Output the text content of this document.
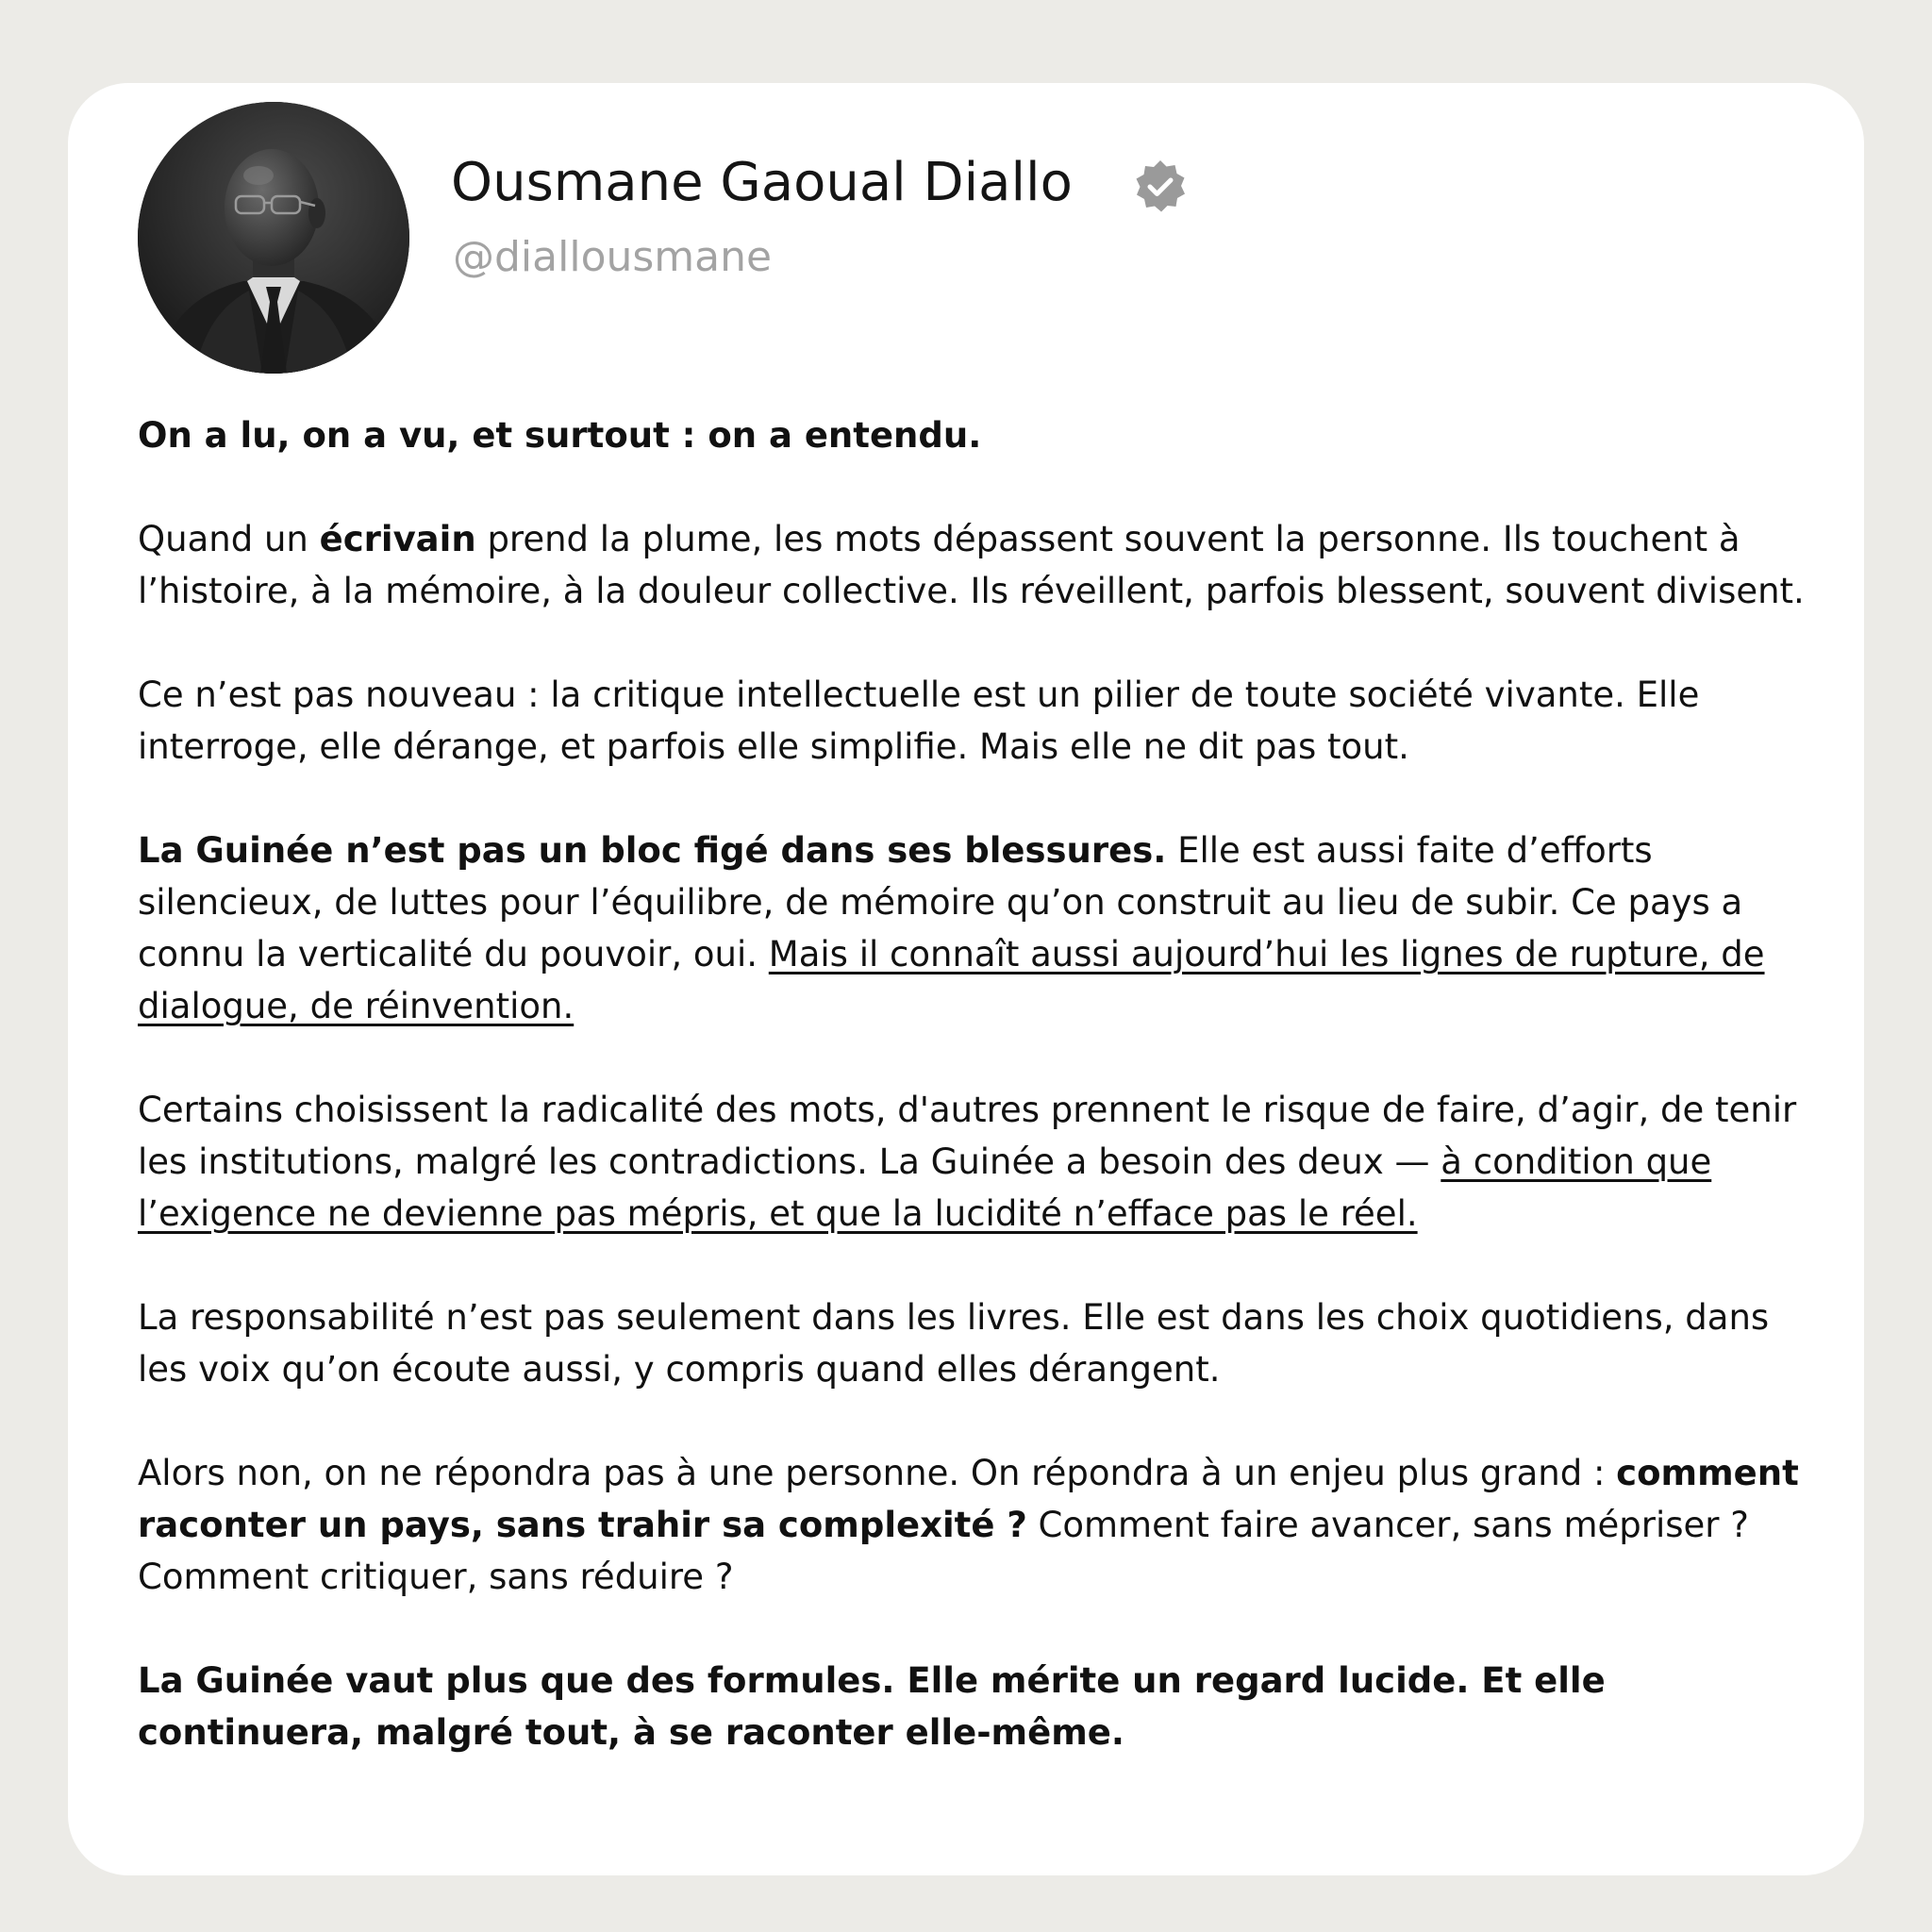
Ousmane Gaoual Diallo
@diallousmane

On a lu, on a vu, et surtout : on a entendu.

Quand un écrivain prend la plume, les mots dépassent souvent la personne. Ils touchent à l’histoire, à la mémoire, à la douleur collective. Ils réveillent, parfois blessent, souvent divisent.

Ce n’est pas nouveau : la critique intellectuelle est un pilier de toute société vivante. Elle interroge, elle dérange, et parfois elle simplifie. Mais elle ne dit pas tout.

La Guinée n’est pas un bloc figé dans ses blessures. Elle est aussi faite d’efforts silencieux, de luttes pour l’équilibre, de mémoire qu’on construit au lieu de subir. Ce pays a connu la verticalité du pouvoir, oui. Mais il connaît aussi aujourd’hui les lignes de rupture, de dialogue, de réinvention.

Certains choisissent la radicalité des mots, d'autres prennent le risque de faire, d’agir, de tenir les institutions, malgré les contradictions. La Guinée a besoin des deux — à condition que l’exigence ne devienne pas mépris, et que la lucidité n’efface pas le réel.

La responsabilité n’est pas seulement dans les livres. Elle est dans les choix quotidiens, dans les voix qu’on écoute aussi, y compris quand elles dérangent.

Alors non, on ne répondra pas à une personne. On répondra à un enjeu plus grand : comment raconter un pays, sans trahir sa complexité ? Comment faire avancer, sans mépriser ? Comment critiquer, sans réduire ?

La Guinée vaut plus que des formules. Elle mérite un regard lucide. Et elle continuera, malgré tout, à se raconter elle-même.
